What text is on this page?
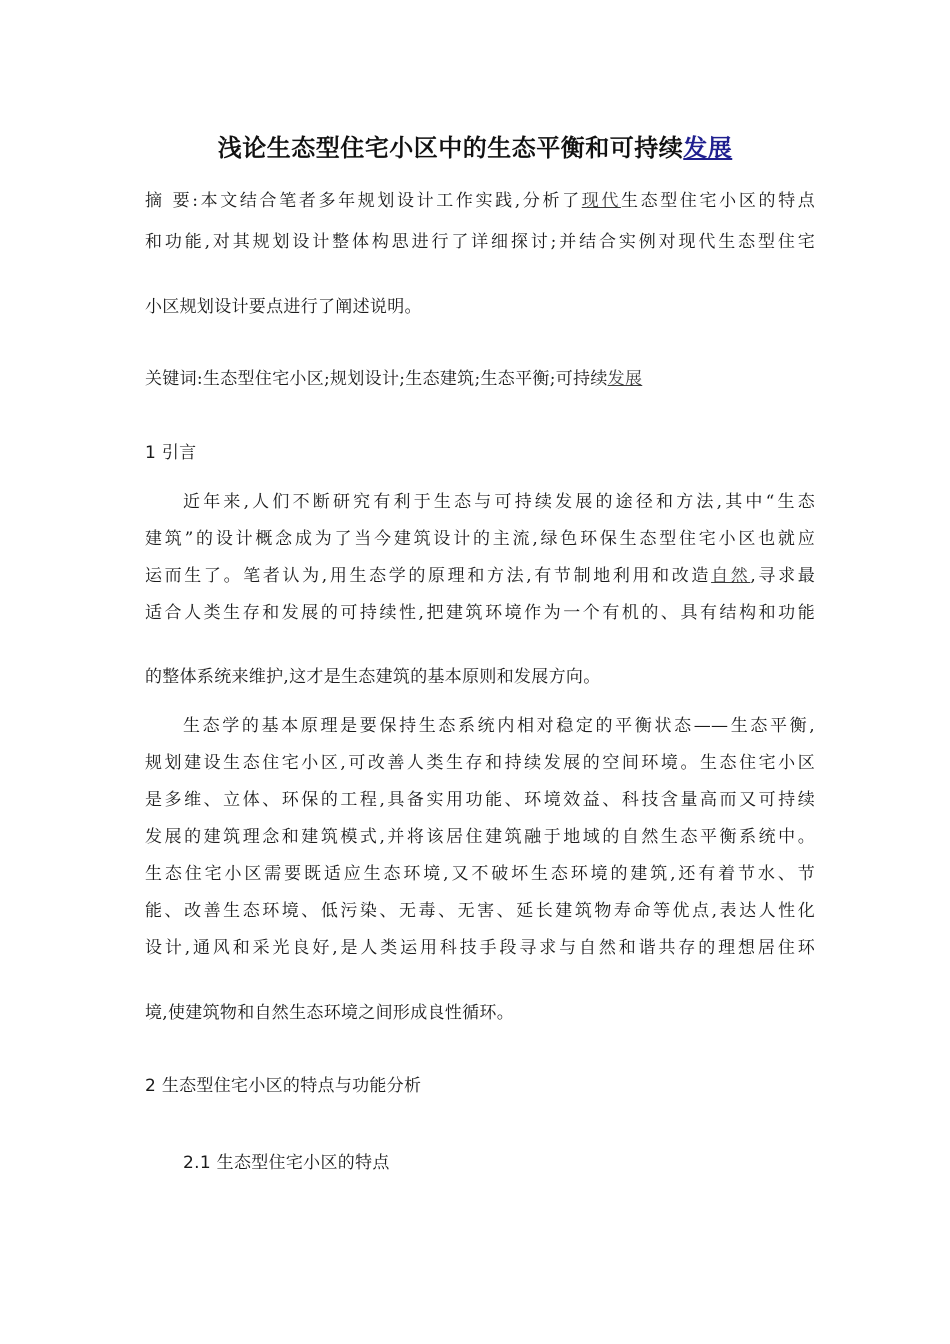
浅论生态型住宅小区中的生态平衡和可持续发展
摘 要:本文结合笔者多年规划设计工作实践,分析了现代生态型住宅小区的特点
和功能,对其规划设计整体构思进行了详细探讨;并结合实例对现代生态型住宅
小区规划设计要点进行了阐述说明。
关键词:生态型住宅小区;规划设计;生态建筑;生态平衡;可持续发展
1 引言
近年来,人们不断研究有利于生态与可持续发展的途径和方法,其中“生态
建筑”的设计概念成为了当今建筑设计的主流,绿色环保生态型住宅小区也就应
运而生了。笔者认为,用生态学的原理和方法,有节制地利用和改造自然,寻求最
适合人类生存和发展的可持续性,把建筑环境作为一个有机的、具有结构和功能
的整体系统来维护,这才是生态建筑的基本原则和发展方向。
生态学的基本原理是要保持生态系统内相对稳定的平衡状态——生态平衡,
规划建设生态住宅小区,可改善人类生存和持续发展的空间环境。生态住宅小区
是多维、立体、环保的工程,具备实用功能、环境效益、科技含量高而又可持续
发展的建筑理念和建筑模式,并将该居住建筑融于地域的自然生态平衡系统中。
生态住宅小区需要既适应生态环境,又不破坏生态环境的建筑,还有着节水、节
能、改善生态环境、低污染、无毒、无害、延长建筑物寿命等优点,表达人性化
设计,通风和采光良好,是人类运用科技手段寻求与自然和谐共存的理想居住环
境,使建筑物和自然生态环境之间形成良性循环。
2 生态型住宅小区的特点与功能分析
2.1 生态型住宅小区的特点
